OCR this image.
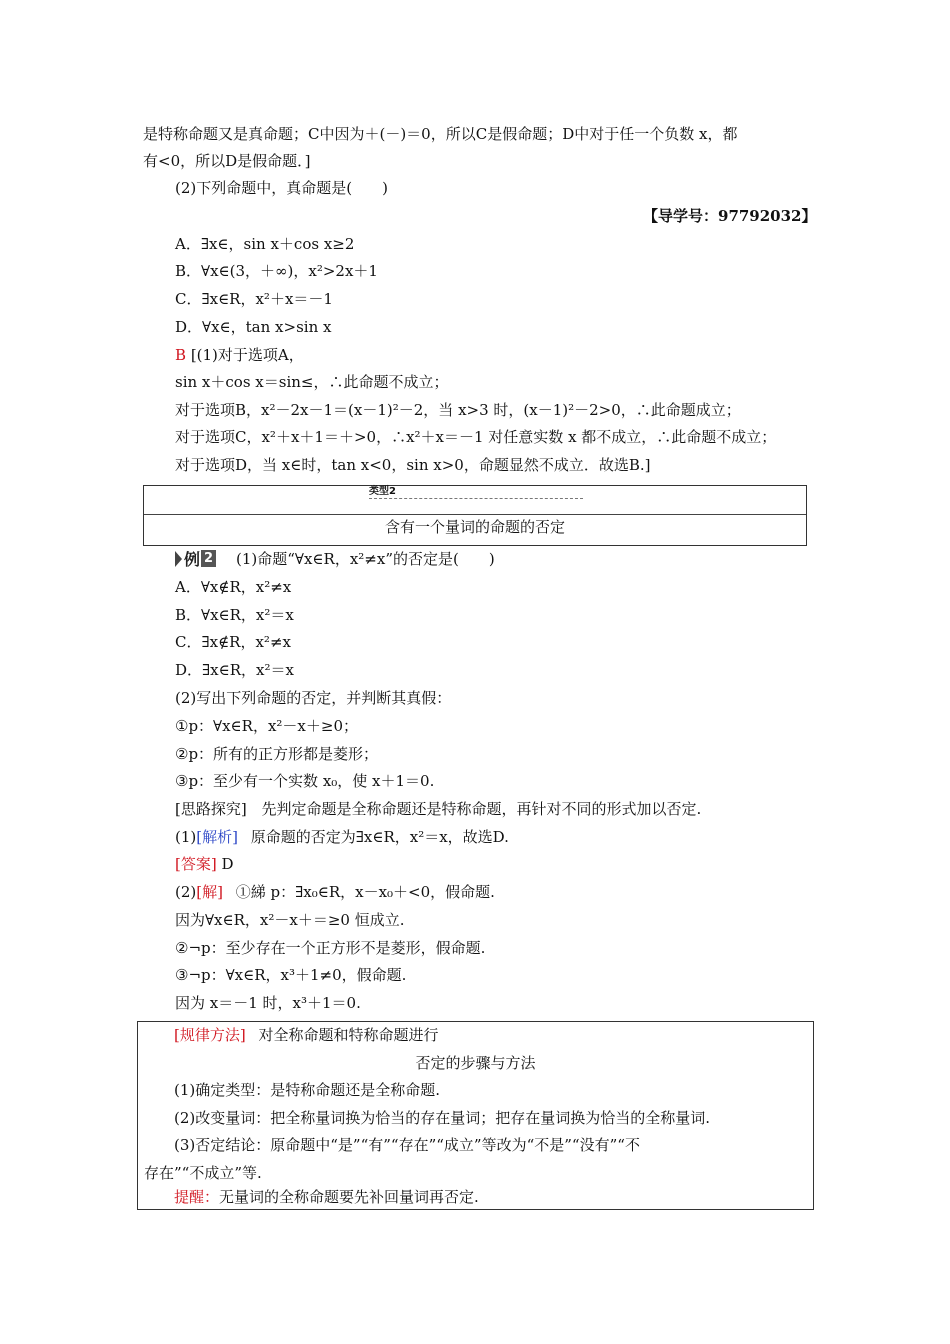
是特称命题又是真命题；C中因为＋(－)＝0，所以C是假命题；D中对于任一个负数 x，都
有<0，所以D是假命题．]
(2)下列命题中，真命题是(　　)
【导学号：97792032】
A．∃x∈，sin x＋cos x≥2
B．∀x∈(3，＋∞)，x²>2x＋1
C．∃x∈R，x²＋x＝－1
D．∀x∈，tan x>sin x
B [(1)对于选项A，
sin x＋cos x＝sin≤，∴此命题不成立；
对于选项B，x²－2x－1＝(x－1)²－2，当 x>3 时，(x－1)²－2>0，∴此命题成立；
对于选项C，x²＋x＋1＝＋>0，∴x²＋x＝－1 对任意实数 x 都不成立，∴此命题不成立；
对于选项D，当 x∈时，tan x<0，sin x>0，命题显然不成立．故选B.]
类型2
含有一个量词的命题的否定
例 2 (1)命题“∀x∈R，x²≠x”的否定是(　　)
A．∀x∉R，x²≠x
B．∀x∈R，x²＝x
C．∃x∉R，x²≠x
D．∃x∈R，x²＝x
(2)写出下列命题的否定，并判断其真假：
①p：∀x∈R，x²－x＋≥0；
②p：所有的正方形都是菱形；
③p：至少有一个实数 x₀，使 x＋1＝0.
[思路探究] 先判定命题是全称命题还是特称命题，再针对不同的形式加以否定.
(1)[解析] 原命题的否定为∃x∈R，x²＝x，故选D.
[答案] D
(2)[解] ①綈 p：∃x₀∈R，x－x₀＋<0，假命题.
因为∀x∈R，x²－x＋＝≥0 恒成立.
②¬p：至少存在一个正方形不是菱形，假命题.
③¬p：∀x∈R，x³＋1≠0，假命题.
因为 x＝－1 时，x³＋1＝0.
[规律方法] 对全称命题和特称命题进行
否定的步骤与方法
(1)确定类型：是特称命题还是全称命题.
(2)改变量词：把全称量词换为恰当的存在量词；把存在量词换为恰当的全称量词.
(3)否定结论：原命题中“是”“有”“存在”“成立”等改为“不是”“没有”“不
存在”“不成立”等.
提醒：无量词的全称命题要先补回量词再否定.
